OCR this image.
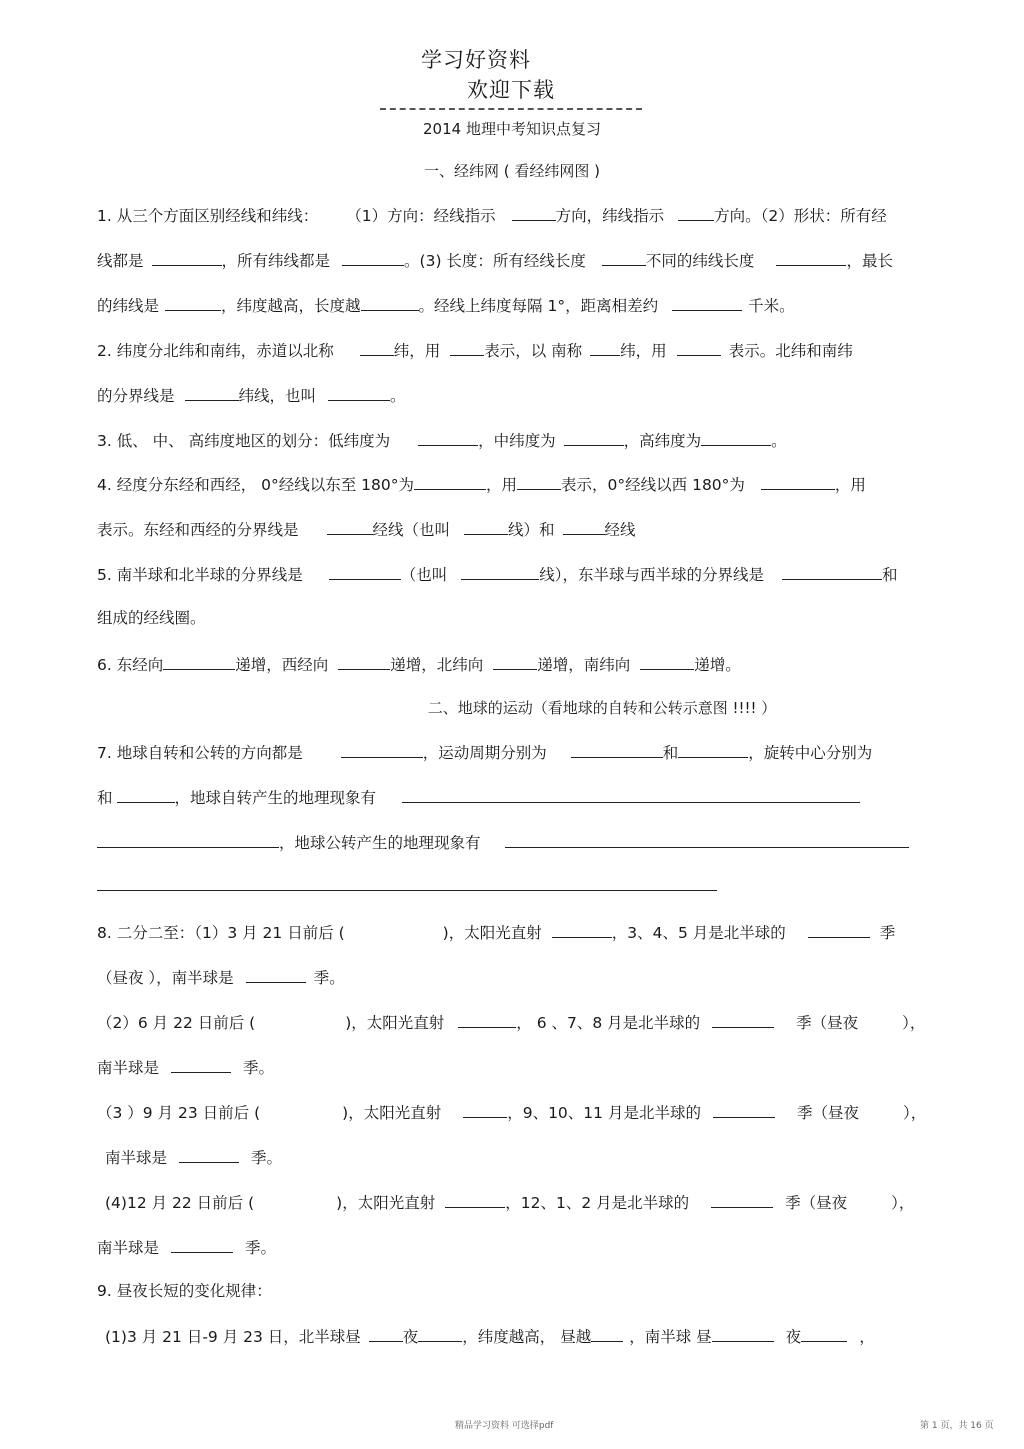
学习好资料欢迎下载
2014 地理中考知识点复习
一、经纬网 ( 看经纬网图 )
1. 从三个方面区别经线和纬线： （1）方向：经线指示	方向，纬线指示	方向。（2）形状：所有经
线都是	，所有纬线都是	。(3) 长度：所有经线长度	不同的纬线长度	，最长
的纬线是	，纬度越高，长度越	。经线上纬度每隔 1°，距离相差约	千米。
2. 纬度分北纬和南纬，赤道以北称	纬，用	表示，以 南称 纬，用	表示。北纬和南纬
的分界线是	纬线，也叫	。
3. 低、 中、 高纬度地区的划分：低纬度为	，中纬度为	，高纬度为	。
4. 经度分东经和西经， 0°经线以东至 180°为	，用	表示，0°经线以西 180°为	，用
表示。东经和西经的分界线是	经线（也叫	线）和	经线
5. 南半球和北半球的分界线是	（也叫	线），东半球与西半球的分界线是	和
组成的经线圈。
6. 东经向	递增，西经向	递增，北纬向	递增，南纬向	递增。
二、地球的运动（看地球的自转和公转示意图 !!!! ）
7. 地球自转和公转的方向都是	，运动周期分别为	和	，旋转中心分别为
和	，地球自转产生的地理现象有
，地球公转产生的地理现象有
8. 二分二至：（1）3 月 21 日前后 (	)，太阳光直射	，3、4、5 月是北半球的	季
（昼夜 ），南半球是	季。
（2）6 月 22 日前后 (	)，太阳光直射	， 6 、7、8 月是北半球的	季（昼夜	），
南半球是	季。
（3 ）9 月 23 日前后 (	)，太阳光直射	，9、10、11 月是北半球的	季（昼夜	），
南半球是	季。
(4)12 月 22 日前后 (	)，太阳光直射	，12、1、2 月是北半球的	季（昼夜	），
南半球是	季。
9. 昼夜长短的变化规律：
(1)3 月 21 日-9 月 23 日，北半球昼	夜	，纬度越高， 昼越 ，南半球 昼	夜	，
精品学习资料 可选择pdf	第 1 页，共 16 页
